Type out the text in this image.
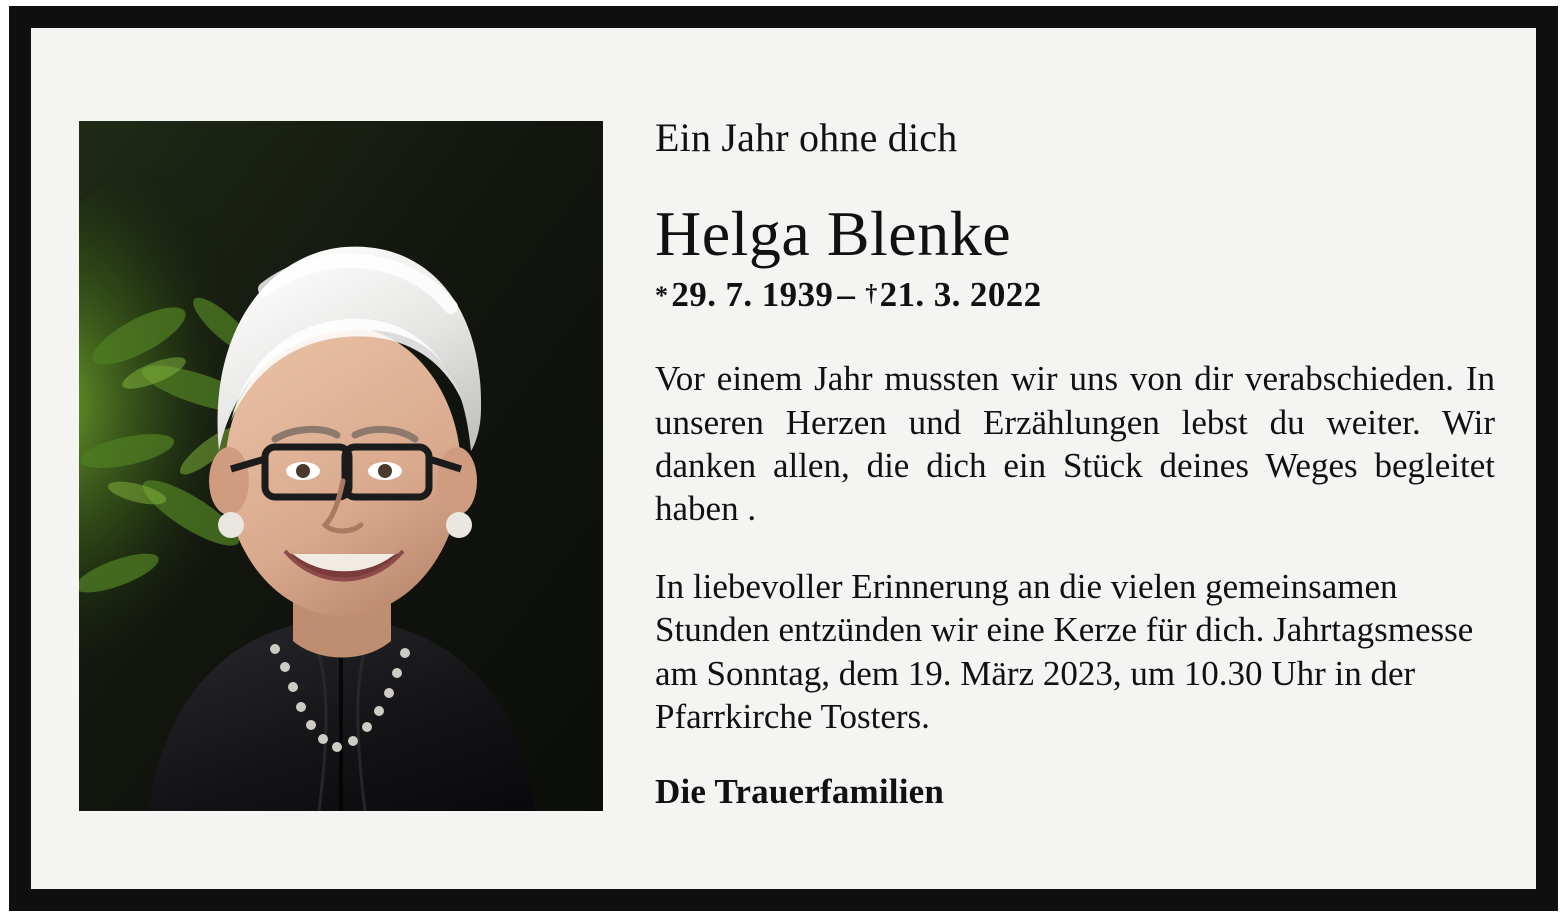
Ein Jahr ohne dich
Helga Blenke
*29. 7. 1939 – †21. 3. 2022
Vor einem Jahr mussten wir uns von dir verabschieden. In unseren Herzen und Erzählungen lebst du weiter. Wir danken allen, die dich ein Stück deines Weges begleitet haben .
In liebevoller Erinnerung an die vielen gemeinsamen Stunden entzünden wir eine Kerze für dich. Jahrtagsmesse am Sonntag, dem 19. März 2023, um 10.30 Uhr in der Pfarrkirche Tosters.
Die Trauerfamilien
